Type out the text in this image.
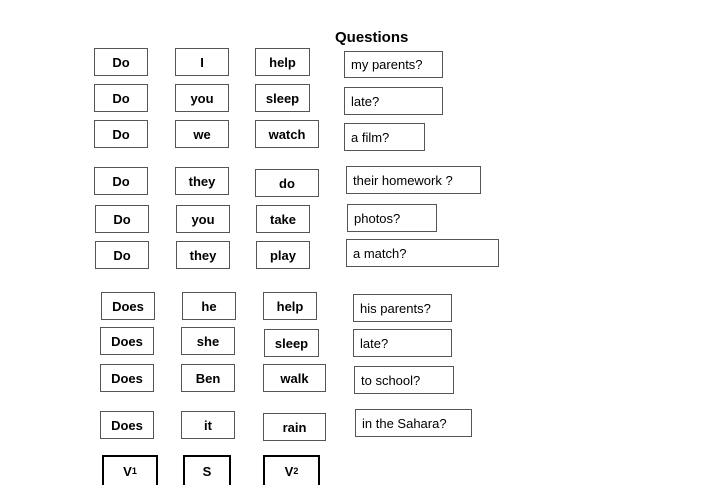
Questions
Do	I	help	my parents?
Do	you	sleep	late?
Do	we	watch	a film?
Do	they	do	their homework ?
Do	you	take	photos?
Do	they	play	a match?
Does	he	help	his parents?
Does	she	sleep	late?
Does	Ben	walk	to school?
Does	it	rain	in the Sahara?
V 1	S	V 2
